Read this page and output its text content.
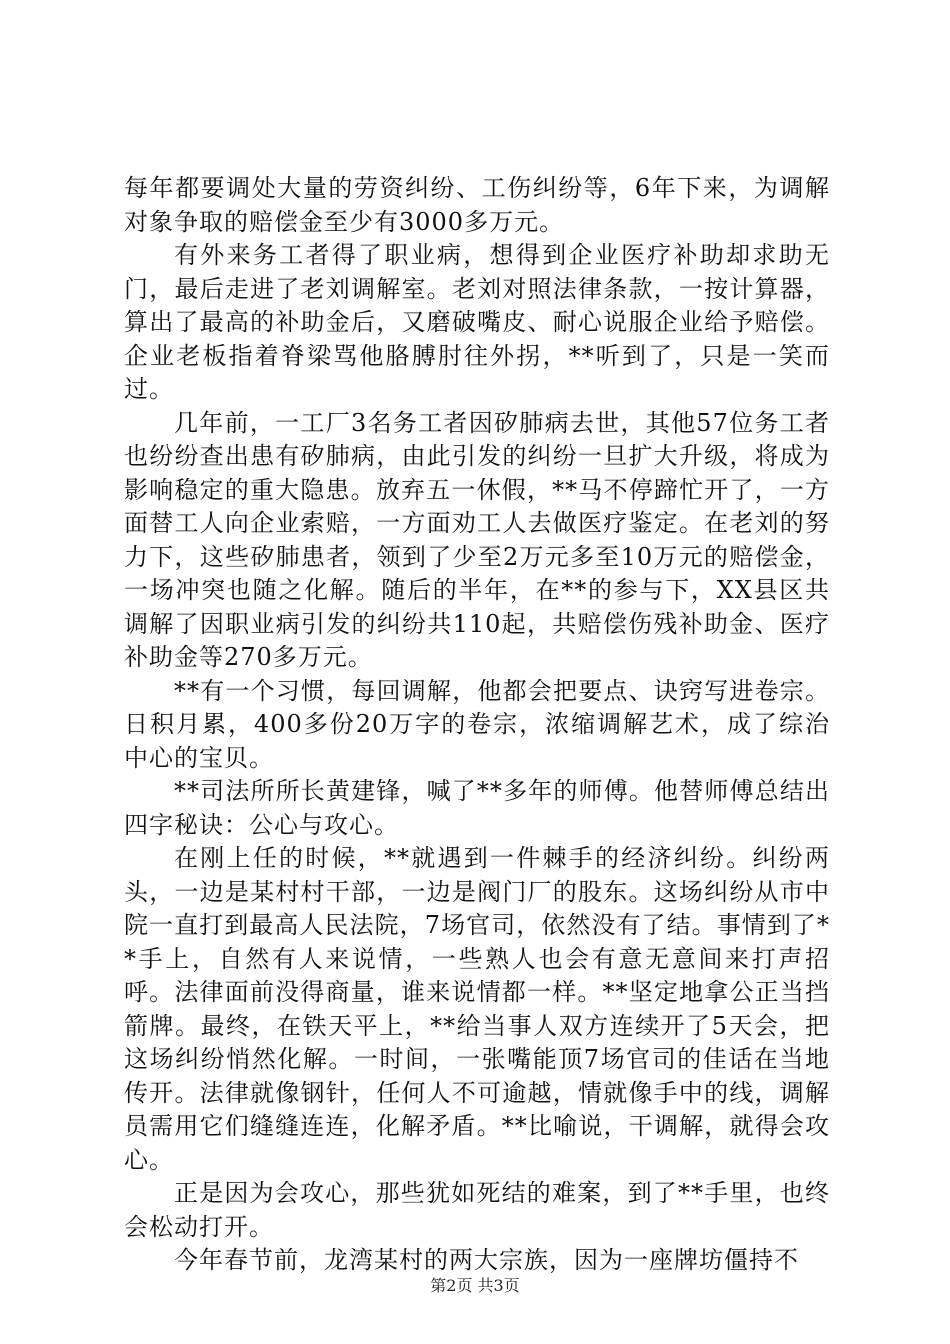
每年都要调处大量的劳资纠纷、工伤纠纷等，6年下来，为调解对象争取的赔偿金至少有3000多万元。

有外来务工者得了职业病，想得到企业医疗补助却求助无门，最后走进了老刘调解室。老刘对照法律条款，一按计算器，算出了最高的补助金后，又磨破嘴皮、耐心说服企业给予赔偿。企业老板指着脊梁骂他胳膊肘往外拐，**听到了，只是一笑而过。

几年前，一工厂3名务工者因矽肺病去世，其他57位务工者也纷纷查出患有矽肺病，由此引发的纠纷一旦扩大升级，将成为影响稳定的重大隐患。放弃五一休假，**马不停蹄忙开了，一方面替工人向企业索赔，一方面劝工人去做医疗鉴定。在老刘的努力下，这些矽肺患者，领到了少至2万元多至10万元的赔偿金，一场冲突也随之化解。随后的半年，在**的参与下，XX县区共调解了因职业病引发的纠纷共110起，共赔偿伤残补助金、医疗补助金等270多万元。

**有一个习惯，每回调解，他都会把要点、诀窍写进卷宗。日积月累，400多份20万字的卷宗，浓缩调解艺术，成了综治中心的宝贝。

**司法所所长黄建锋，喊了**多年的师傅。他替师傅总结出四字秘诀：公心与攻心。

在刚上任的时候，**就遇到一件棘手的经济纠纷。纠纷两头，一边是某村村干部，一边是阀门厂的股东。这场纠纷从市中院一直打到最高人民法院，7场官司，依然没有了结。事情到了**手上，自然有人来说情，一些熟人也会有意无意间来打声招呼。法律面前没得商量，谁来说情都一样。**坚定地拿公正当挡箭牌。最终，在铁天平上，**给当事人双方连续开了5天会，把这场纠纷悄然化解。一时间，一张嘴能顶7场官司的佳话在当地传开。法律就像钢针，任何人不可逾越，情就像手中的线，调解员需用它们缝缝连连，化解矛盾。**比喻说，干调解，就得会攻心。

正是因为会攻心，那些犹如死结的难案，到了**手里，也终会松动打开。

今年春节前，龙湾某村的两大宗族，因为一座牌坊僵持不

第2页 共3页
